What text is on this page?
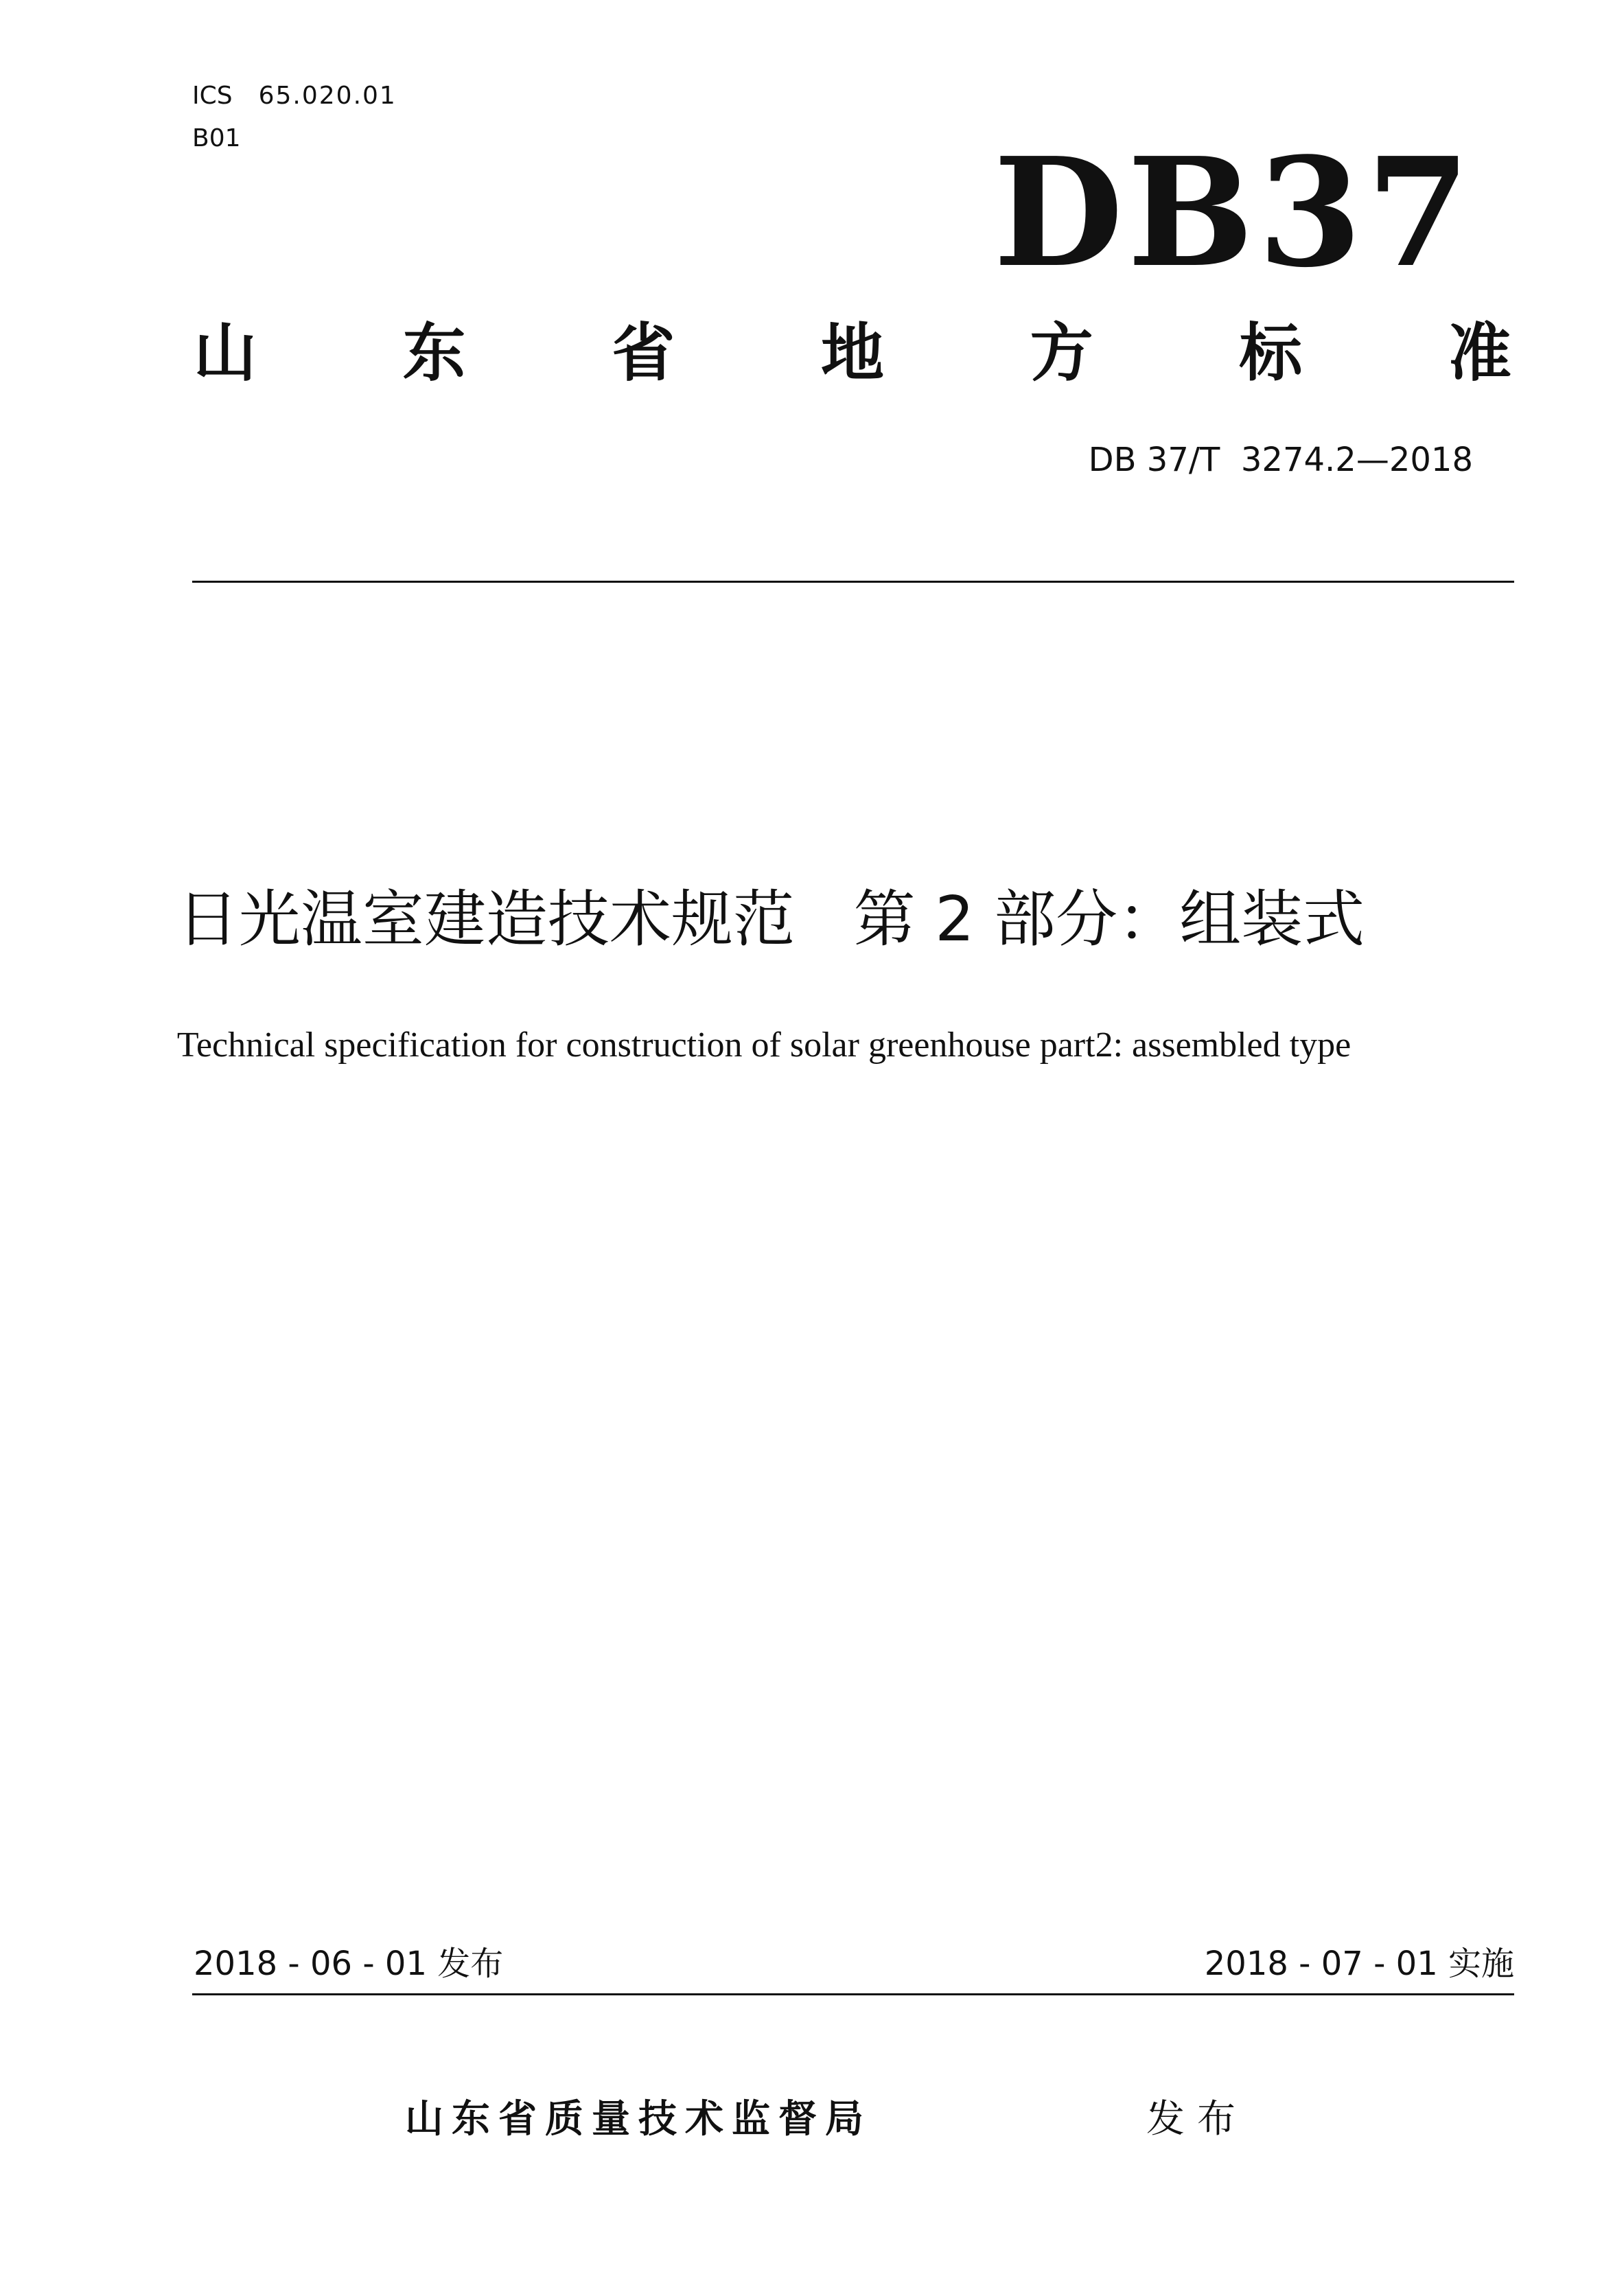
ICS 65.020.01
B01	DB37
山 东 省 地 方 标 准
DB 37/T  3274.2—2018
日光温室建造技术规范   第 2 部分：组装式
Technical specification for construction of solar greenhouse part2: assembled type
2018 - 06 - 01 发布	2018 - 07 - 01 实施
山东省质量技术监督局	发布
